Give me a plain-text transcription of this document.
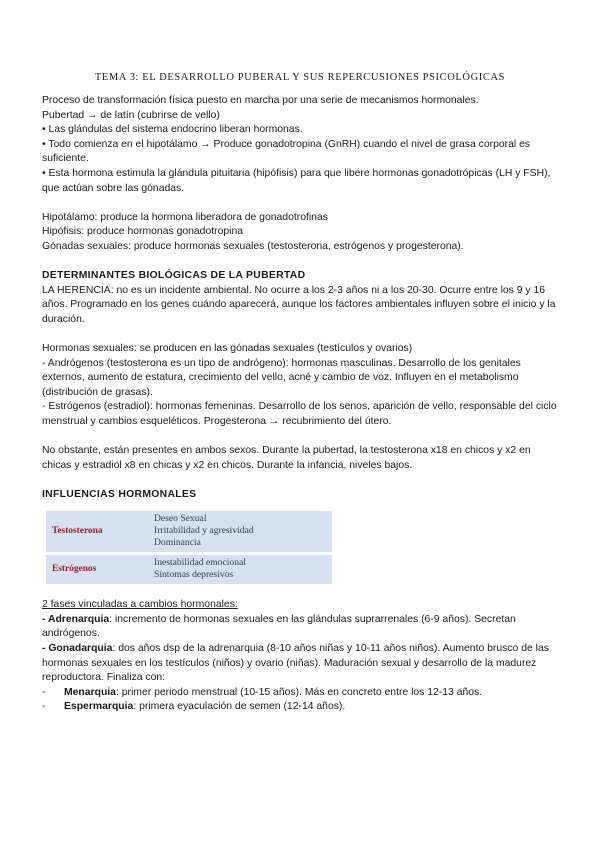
TEMA 3: EL DESARROLLO PUBERAL Y SUS REPERCUSIONES PSICOLÓGICAS

Proceso de transformación física puesto en marcha por una serie de mecanismos hormonales.

Pubertad → de latín (cubrirse de vello)

• Las glándulas del sistema endocrino liberan hormonas.

• Todo comienza en el hipotálamo → Produce gonadotropina (GnRH) cuando el nivel de grasa corporal es suficiente.

• Esta hormona estimula la glándula pituitaria (hipófisis) para que libere hormonas gonadotrópicas (LH y FSH), que actúan sobre las gónadas.

Hipotálamo: produce la hormona liberadora de gonadotrofinas

Hipófisis: produce hormonas gonadotropina

Gónadas sexuales: produce hormonas sexuales (testosterona, estrógenos y progesterona).

DETERMINANTES BIOLÓGICAS DE LA PUBERTAD

LA HERENCIA: no es un incidente ambiental. No ocurre a los 2-3 años ni a los 20-30. Ocurre entre los 9 y 16 años. Programado en los genes cuándo aparecerá, aunque los factores ambientales influyen sobre el inicio y la duración.

Hormonas sexuales: se producen en las gónadas sexuales (testículos y ovarios)

- Andrógenos (testosterona es un tipo de andrógeno): hormonas masculinas. Desarrollo de los genitales externos, aumento de estatura, crecimiento del vello, acné y cambio de voz. Influyen en el metabolismo (distribución de grasas).

- Estrógenos (estradiol): hormonas femeninas. Desarrollo de los senos, aparición de vello, responsable del ciclo menstrual y cambios esqueléticos. Progesterona → recubrimiento del útero.

No obstante, están presentes en ambos sexos. Durante la pubertad, la testosterona x18 en chicos y x2 en chicas y estradiol x8 en chicas y x2 en chicos. Durante la infancia, niveles bajos.

INFLUENCIAS HORMONALES

Testosterona	Deseo Sexual
Irritabilidad y agresividad
Dominancia

Estrógenos	Inestabilidad emocional
Síntomas depresivos

2 fases vinculadas a cambios hormonales:

- Adrenarquia: incremento de hormonas sexuales en las glándulas suprarrenales (6-9 años). Secretan andrógenos.

- Gonadarquia: dos años dsp de la adrenarquia (8-10 años niñas y 10-11 años niños). Aumento brusco de las hormonas sexuales en los testículos (niños) y ovario (niñas). Maduración sexual y desarrollo de la madurez reproductora. Finaliza con:

- Menarquia: primer periodo menstrual (10-15 años). Más en concreto entre los 12-13 años.

- Espermarquia: primera eyaculación de semen (12-14 años).
